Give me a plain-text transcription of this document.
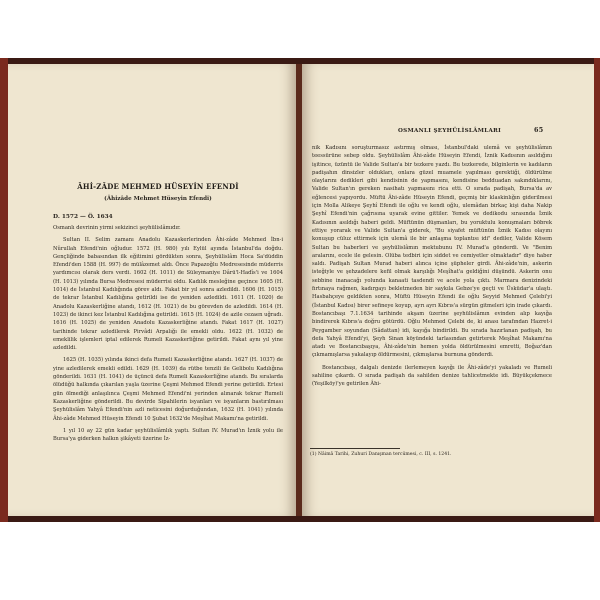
ÂHİ-ZÂDE MEHMED HÜSEYİN EFENDİ
(Âhizâde Mehmet Hüseyin Efendi)
D. 1572 — Ö. 1634

Osmanlı devrinin yirmi sekizinci şeyhülislâmıdır.

Sultan II. Selim zamanı Anadolu Kazaskerlerinden Âhi-zâde Mehmed İbn-i Nûrullah Efendi'nin oğludur. 1572 (H. 980) yılı Eylül ayında İstanbul'da doğdu. Gençliğinde babasından ilk eğitimini gördükten sonra, Şeyhülislâm Hoca Sa'düddin Efendi'den 1588 (H. 997) de mülâzemet aldı. Önce Papazoğlu Medresesinde müderris yardımcısı olarak ders verdi. 1602 (H. 1011) de Süleymaniye Dârü'l-Hadîs'i ve 1604 (H. 1013) yılında Bursa Medresesi müderrisi oldu. Kadılık mesleğine geçince 1605 (H. 1014) de İstanbul Kadılığında görev aldı. Fakat bir yıl sonra azledildi. 1606 (H. 1015) de tekrar İstanbul Kadılığına getirildi ise de yeniden azledildi. 1611 (H. 1020) de Anadolu Kazaskerliğine atandı, 1612 (H. 1021) de bu görevden de azledildi. 1614 (H. 1023) de ikinci kez İstanbul Kadılığına getirildi. 1615 (H. 1024) de azile cezaen uğradı. 1616 (H. 1025) de yeniden Anadolu Kazaskerliğine atandı. Fakat 1617 (H. 1027) tarihinde tekrar azledilerek Pirvâdi Arpalığı ile emekli oldu. 1622 (H. 1032) de emeklilik işlemleri iptal edilerek Rumeli Kazaskerliğine getirildi. Fakat aynı yıl yine azledildi.

1625 (H. 1035) yılında ikinci defa Rumeli Kazaskerliğine atandı. 1627 (H. 1037) de yine azledilerek emekli edildi. 1629 (H. 1039) da rütbe tenzili ile Gelibolu Kadılığına gönderildi. 1631 (H. 1041) de üçüncü defa Rumeli Kazaskerliğine atandı. Bu sıralarda ölüdüğü halkında çıkarılan yaşla üzerine Çeşmi Mehmed Efendi yerine getirildi. Ertesi gün ölmediği anlaşılınca Çeşmi Mehmed Efendi'ni yerinden alınarak tekrar Rumeli Kazaskerliğine gönderildi. Bu devirde Sipahilerin isyanları ve isyanların bastırılması Şeyhülislâm Yahyâ Efendi'nin azli neticesini doğurduğundan, 1632 (H. 1041) yılında Âhi-zâde Mehmed Hüseyin Efendi 10 Şubat 1632'de Meşîhat Makamı'na getirildi.

1 yıl 10 ay 22 gün kadar şeyhülislâmlık yaptı. Sultan IV. Murad'ın İznik yolu ile Bursa'ya giderken halkın şikâyeti üzerine İz-

OSMANLI ŞEYHÜLİSLÂMLARI	65

nik Kadısını soruşturmasız astırmış olması, İstanbul'daki ulemâ ve şeyhülislâmın teessürüne sebep oldu. Şeyhülislâm Âhi-zâde Hüseyin Efendi, İznik Kadısının asıldığını işitince, üzüntü ile Valide Sultan'a bir tezkere yazdı. Bu tezkerede, bilginlerin ve kadıların padişahın dinsizler oldukları, onlara güzel muamele yapılması gerektiği, öldürülme olaylarını dedikleri gibi kendisinin de yapmasını, kendisine bedduadan sakındıklarını, Valide Sultan'ın gereken nasihatı yapmasını rica etti. O sırada padişah, Bursa'da av eğlencesi yapıyordu. Müftü Âhi-zâde Hüseyin Efendi, geçmiş bir klaskinlığın giderilmesi için Molla Alikeye Şeyhî Efendi ile oğlu ve kendi oğlu, ulemâdan birkaç kişi daha Nakip Şeyhî Efendi'nin çağrısına uyarak evine gittiler. Yemek ve dedikodu sırasında İznik Kadısının asıldığı haberi geldi. Müftünün düşmanları, bu yoruktulu konuşmaları böbrek ettiye yorarak ve Valide Sultan'a giderek, "Bu siyafet müftünün İznik Kadısı olayını konuşup cüluz ettirmek için ulemâ ile bir anlaşma toplantısı idi" dediler, Valide Kösem Sultan bu haberleri ve şeyhülislâmın mektubunu IV. Murad'a gönderdi. Ve "Benim aralarını, ecele ile gelesin. Olüba tedbiri için siddet ve cemiyetler olmaktadır" diye haber saldı. Padişah Sultan Murad haberi alınca içine şüpheler girdi. Âhi-zâde'nin, askerin isteğiyle ve şehzadelere kefil olmak karşılığı Meşîhat'a geldiğini düşündü. Askerin onu sebbine inanacağı yolunda kanaati tasdendi ve acele yola çıktı. Marmara denizindeki fırtınaya rağmen, kadırgayı bekletmeden bir saykıla Gebze'ye geçti ve Üsküdar'a ulaştı. Hasbahçeye geldikten sonra, Müftü Hüseyin Efendi ile oğlu Seyyid Mehmed Çelebi'yi (İstanbul Kadısı) birer sefineye koyup, ayrı ayrı Kıbrıs'a sürgün gitmeleri için irade çıkardı. Bostancıbaşı 7.1.1634 tarihinde akşam üzerine şeyhülislâmın evinden alıp kayığa bindirerek Kıbrıs'a doğru götürdü. Oğlu Mehmed Çelebi de, ki anası tarafından Hazret-i Peygamber soyundan (Sâdattan) idi, kayığa bindirildi. Bu sırada hazırlanan padişah, bu defa Yahyâ Efendi'yi, Şeyh Sinan köyündeki tarlasından getirterek Meşîhat Makamı'na atadı ve Bostancıbaşıya, Âhi-zâde'nin hemen yolda öldürülmesini emretti, Boğaz'dan çıkmamışlarsa yakalayıp öldürmesini, çıkmışlarsa burnuna gönderdi.

Bostancıbaşı, dalgalı denizde ilerlemeyen kayığı ile Âhi-zâde'yi yakaladı ve Rumeli sahiline çıkardı. O sırada padişah da sahilden denize tahlicetmekte idi. Büyükçekmece (Yeşilköy)'ye getirilen Âhi-

(1) Nâimâ Tarihi, Zuhuri Danışman tercümesi, c. III, s. 1241.
